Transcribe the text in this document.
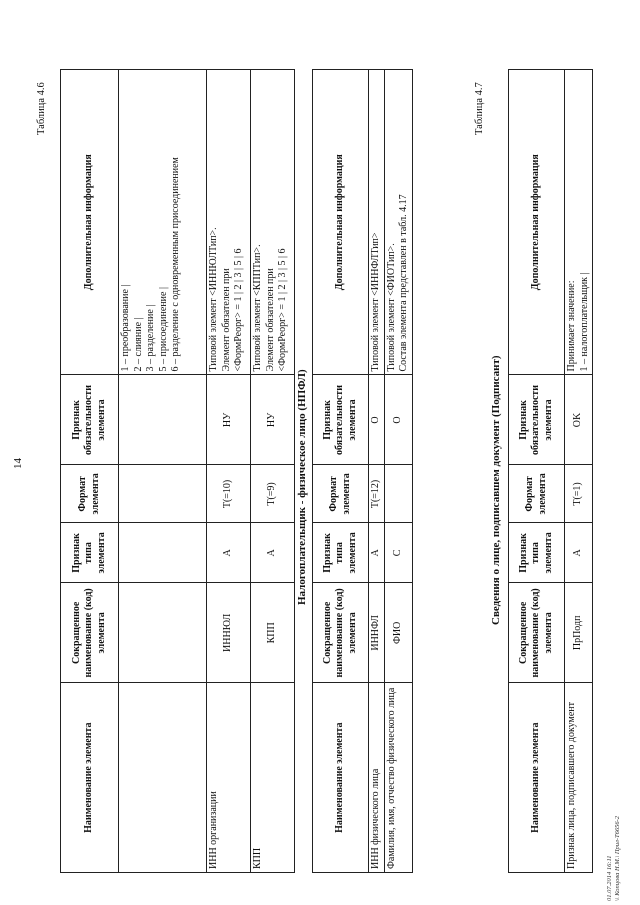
14
Наименование элемента	Сокращенное наименование (код) элемента	Признак типа элемента	Формат элемента	Признак обязательности элемента	Дополнительная информация

					1 – преобразование | 2 – слияние | 3 – разделение | 5 – присоединение | 6 – разделение с одновременным присоединением

ИНН организации	ИННЮЛ	A	T(=10)	НУ	Типовой элемент <ИННЮЛТип>. Элемент обязателен при <ФормРеорг> = 1 | 2 | 3 | 5 | 6

КПП	КПП	A	T(=9)	НУ	Типовой элемент <КППТип>. Элемент обязателен при <ФормРеорг> = 1 | 2 | 3 | 5 | 6
Таблица 4.6
Налогоплательщик - физическое лицо (НПФЛ)
Наименование элемента	Сокращенное наименование (код) элемента	Признак типа элемента	Формат элемента	Признак обязательности элемента	Дополнительная информация
ИНН физического лица	ИННФЛ	A	T(=12)	O	Типовой элемент <ИННФЛТип>
Фамилия, имя, отчество физического лица	ФИО	C		O	Типовой элемент <ФИОТип>. Состав элемента представлен в табл. 4.17
Таблица 4.7
Сведения о лице, подписавшем документ (Подписант)
Наименование элемента	Сокращенное наименование (код) элемента	Признак типа элемента	Формат элемента	Признак обязательности элемента	Дополнительная информация
Признак лица, подписавшего документ	ПрПодп	A	T(=1)	OK	Принимает значение: 1 – налогоплательщик |
01.07.2014 16:11 \\ Копцова Н.М.\ Прил-Т6656-2
